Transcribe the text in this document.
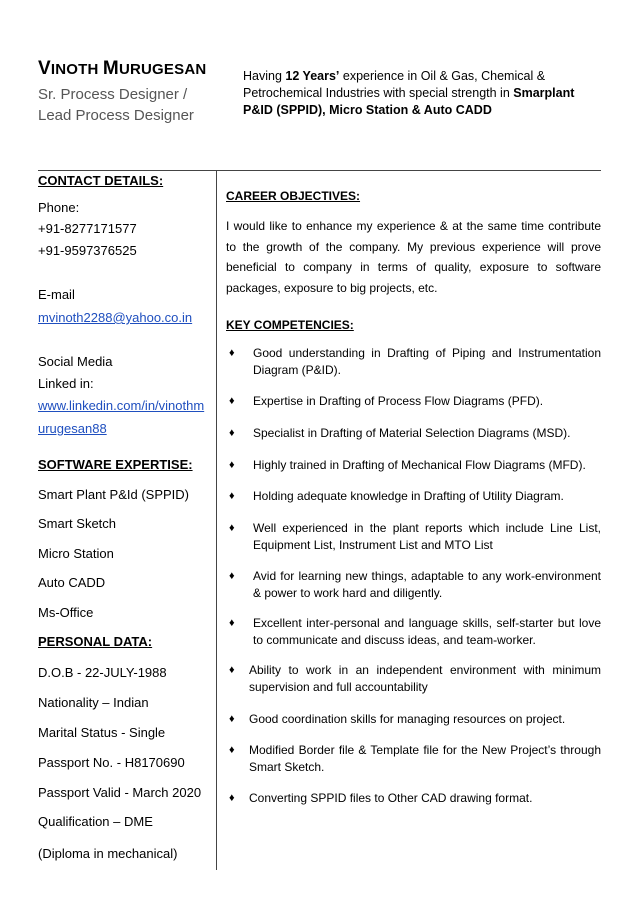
VINOTH MURUGESAN
Sr. Process Designer /
Lead Process Designer
Having 12 Years’ experience in Oil & Gas, Chemical & Petrochemical Industries with special strength in Smarplant P&ID (SPPID), Micro Station & Auto CADD
CONTACT DETAILS:
Phone:
+91-8277171577
+91-9597376525
E-mail
mvinoth2288@yahoo.co.in
Social Media
Linked in:
www.linkedin.com/in/vinothm
urugesan88
SOFTWARE EXPERTISE:
Smart Plant P&Id (SPPID)
Smart Sketch
Micro Station
Auto CADD
Ms-Office
PERSONAL DATA:
D.O.B - 22-JULY-1988
Nationality – Indian
Marital Status - Single
Passport No. - H8170690
Passport Valid - March 2020
Qualification – DME
(Diploma in mechanical)
CAREER OBJECTIVES:

I would like to enhance my experience & at the same time contribute to the growth of the company. My previous experience will prove beneficial to company in terms of quality, exposure to software packages, exposure to big projects, etc.

KEY COMPETENCIES:
♦	Good understanding in Drafting of Piping and Instrumentation Diagram (P&ID).
♦	Expertise in Drafting of Process Flow Diagrams (PFD).
♦	Specialist in Drafting of Material Selection Diagrams (MSD).
♦	Highly trained in Drafting of Mechanical Flow Diagrams (MFD).
♦	Holding adequate knowledge in Drafting of Utility Diagram.
♦	Well experienced in the plant reports which include Line List, Equipment List, Instrument List and MTO List
♦	Avid for learning new things, adaptable to any work-environment & power to work hard and diligently.
♦	Excellent inter-personal and language skills, self-starter but love to communicate and discuss ideas, and team-worker.
♦	Ability to work in an independent environment with minimum supervision and full accountability
♦	Good coordination skills for managing resources on project.
♦	Modified Border file & Template file for the New Project’s through Smart Sketch.
♦	Converting SPPID files to Other CAD drawing format.
